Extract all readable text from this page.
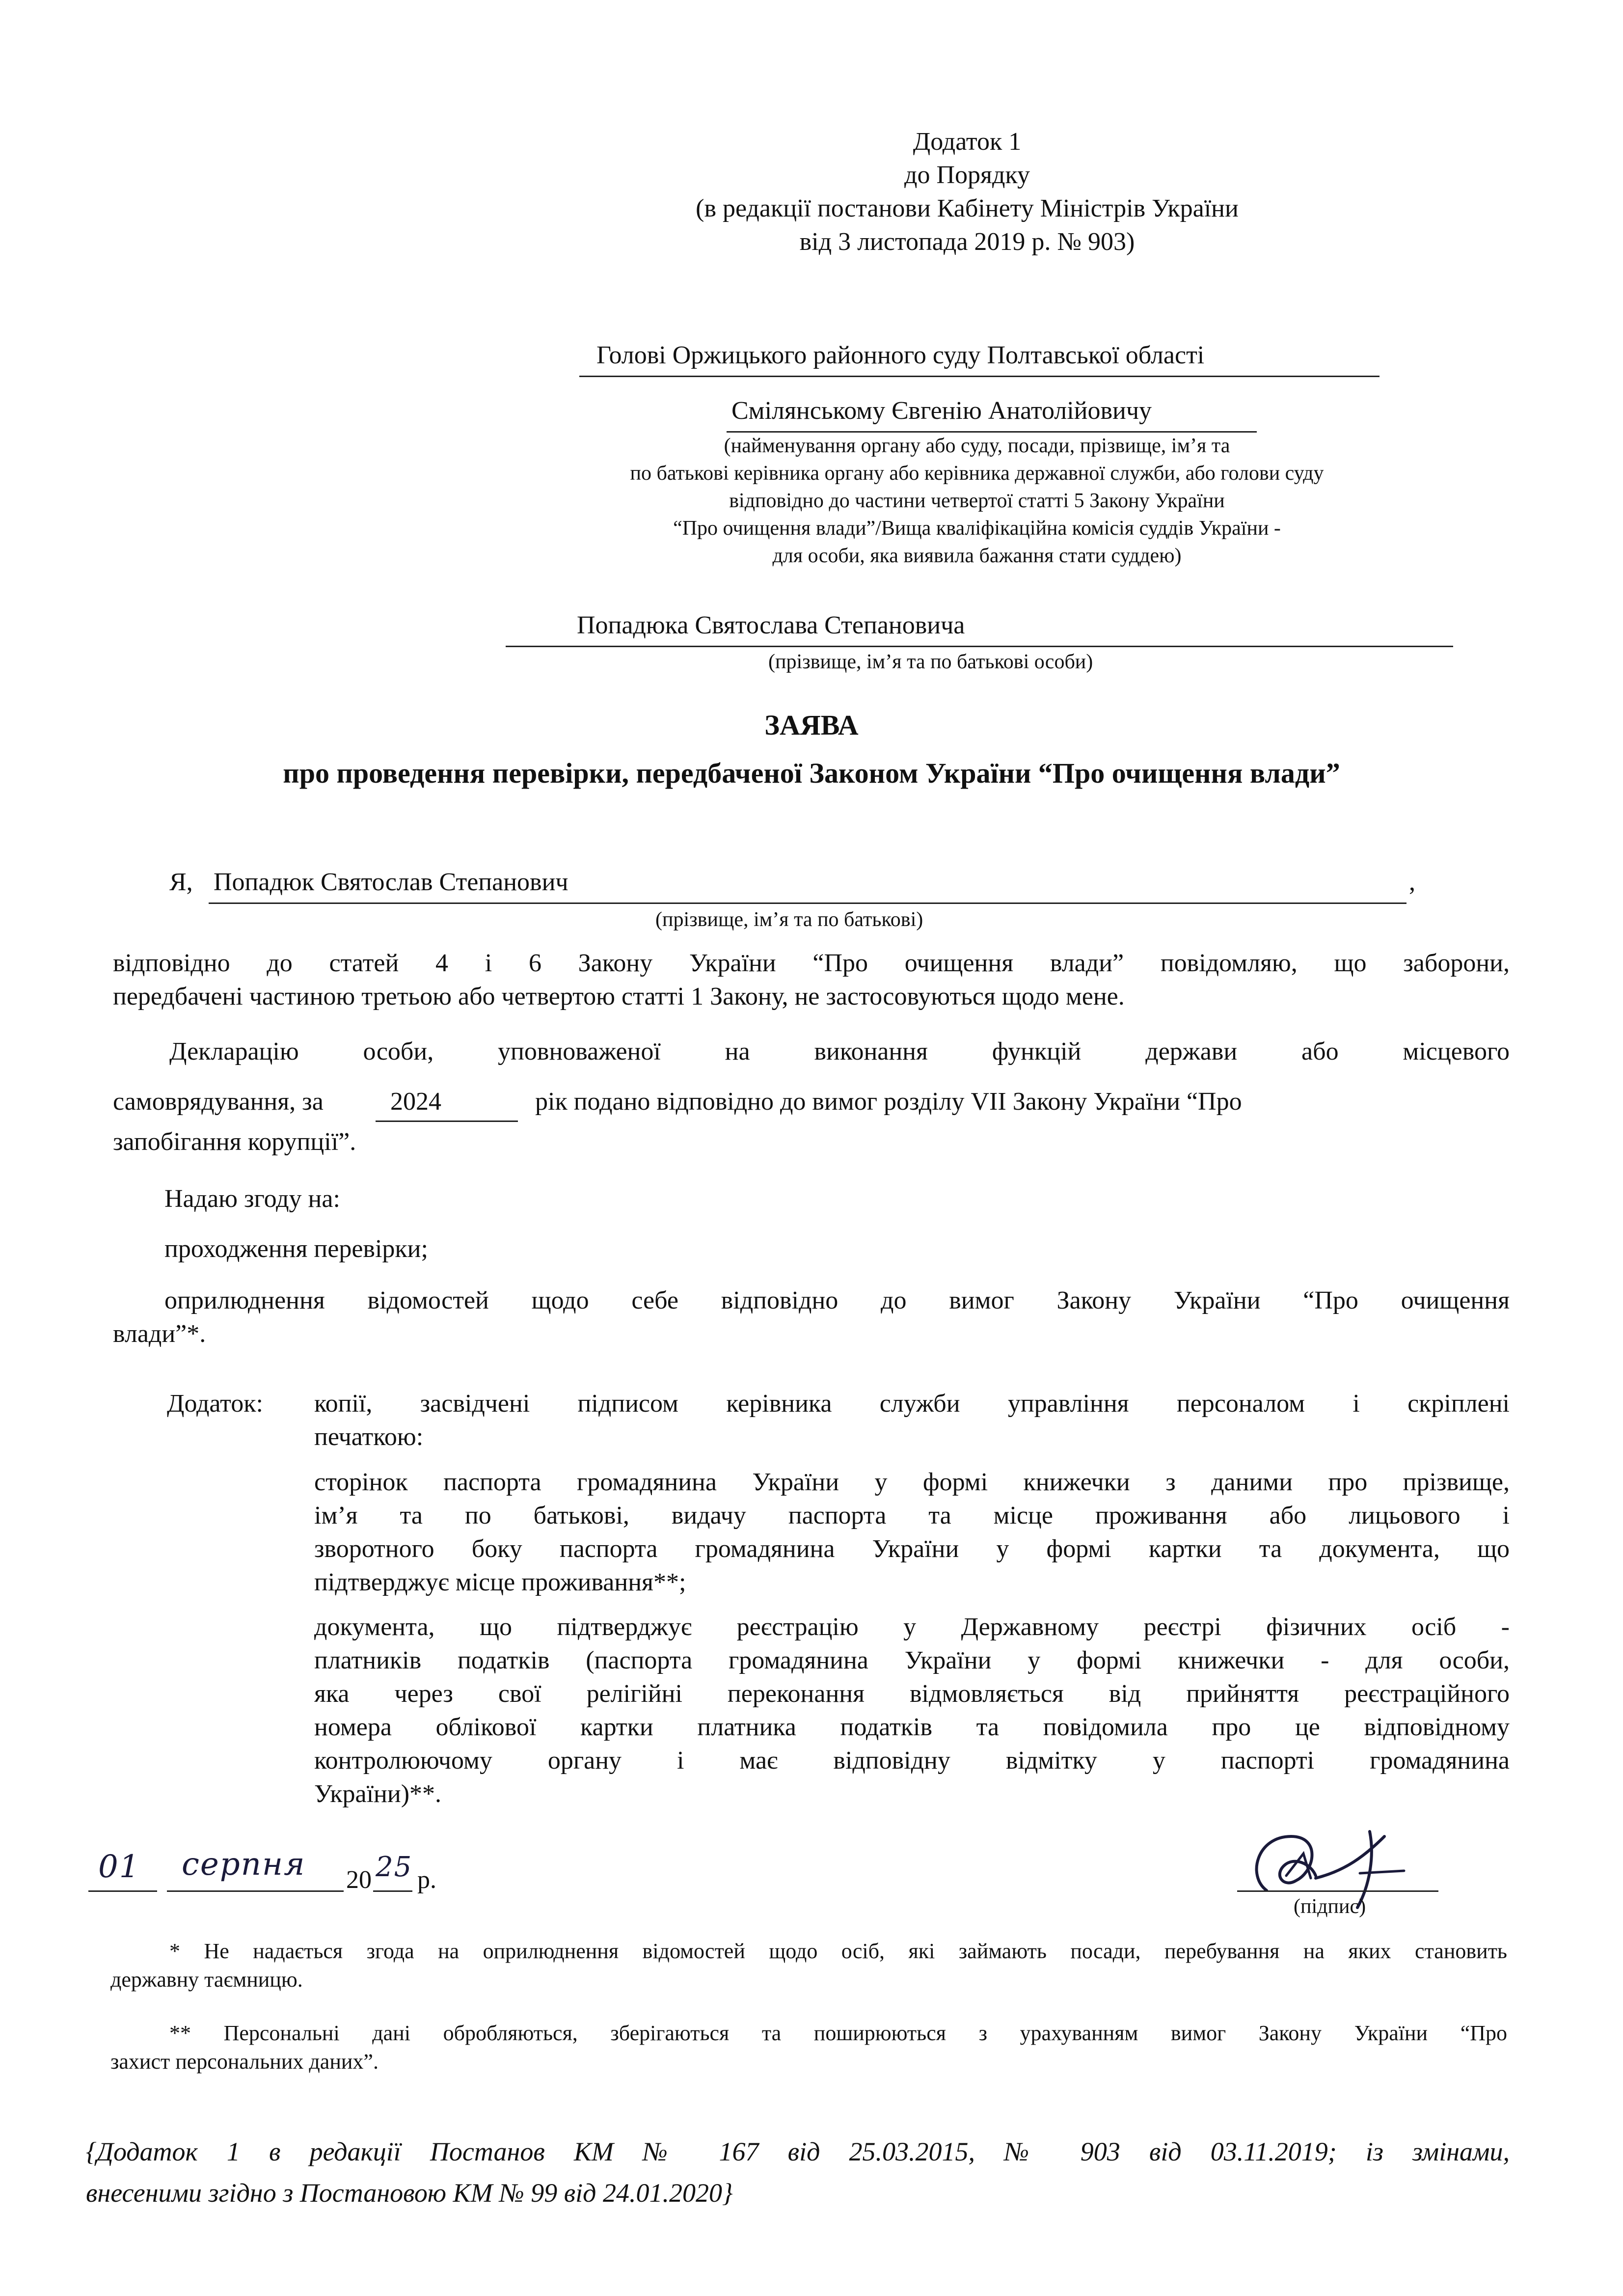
Додаток 1
до Порядку
(в редакції постанови Кабінету Міністрів України
від 3 листопада 2019 р. № 903)
Голові Оржицького районного суду Полтавської області
Смілянському Євгенію Анатолійовичу
(найменування органу або суду, посади, прізвище, ім’я та
по батькові керівника органу або керівника державної служби, або голови суду
відповідно до частини четвертої статті 5 Закону України
“Про очищення влади”/Вища кваліфікаційна комісія суддів України -
для особи, яка виявила бажання стати суддею)
Попадюка Святослава Степановича
(прізвище, ім’я та по батькові особи)
ЗАЯВА
про проведення перевірки, передбаченої Законом України “Про очищення влади”
Я, Попадюк Святослав Степанович	,
(прізвище, ім’я та по батькові)
відповідно до статей 4 і 6 Закону України “Про очищення влади” повідомляю, що заборони,
передбачені частиною третьою або четвертою статті 1 Закону, не застосовуються щодо мене.
Декларацію особи, уповноваженої на виконання функцій держави або місцевого
самоврядування, за	2024	рік подано відповідно до вимог розділу VII Закону України “Про
запобігання корупції”.
Надаю згоду на:
проходження перевірки;
оприлюднення відомостей щодо себе відповідно до вимог Закону України “Про очищення
влади”*.
Додаток: копії, засвідчені підписом керівника служби управління персоналом і скріплені
печаткою:
сторінок паспорта громадянина України у формі книжечки з даними про прізвище,
ім’я та по батькові, видачу паспорта та місце проживання або лицьового і
зворотного боку паспорта громадянина України у формі картки та документа, що
підтверджує місце проживання**;
документа, що підтверджує реєстрацію у Державному реєстрі фізичних осіб -
платників податків (паспорта громадянина України у формі книжечки - для особи,
яка через свої релігійні переконання відмовляється від прийняття реєстраційного
номера облікової картки платника податків та повідомила про це відповідному
контролюючому органу і має відповідну відмітку у паспорті громадянина
України)**.
01 серпня 20 25 р.
(підпис)
* Не надається згода на оприлюднення відомостей щодо осіб, які займають посади, перебування на яких становить
державну таємницю.
** Персональні дані обробляються, зберігаються та поширюються з урахуванням вимог Закону України “Про
захист персональних даних”.
{Додаток 1 в редакції Постанов КМ № 167 від 25.03.2015, № 903 від 03.11.2019; із змінами,
внесеними згідно з Постановою КМ № 99 від 24.01.2020}
